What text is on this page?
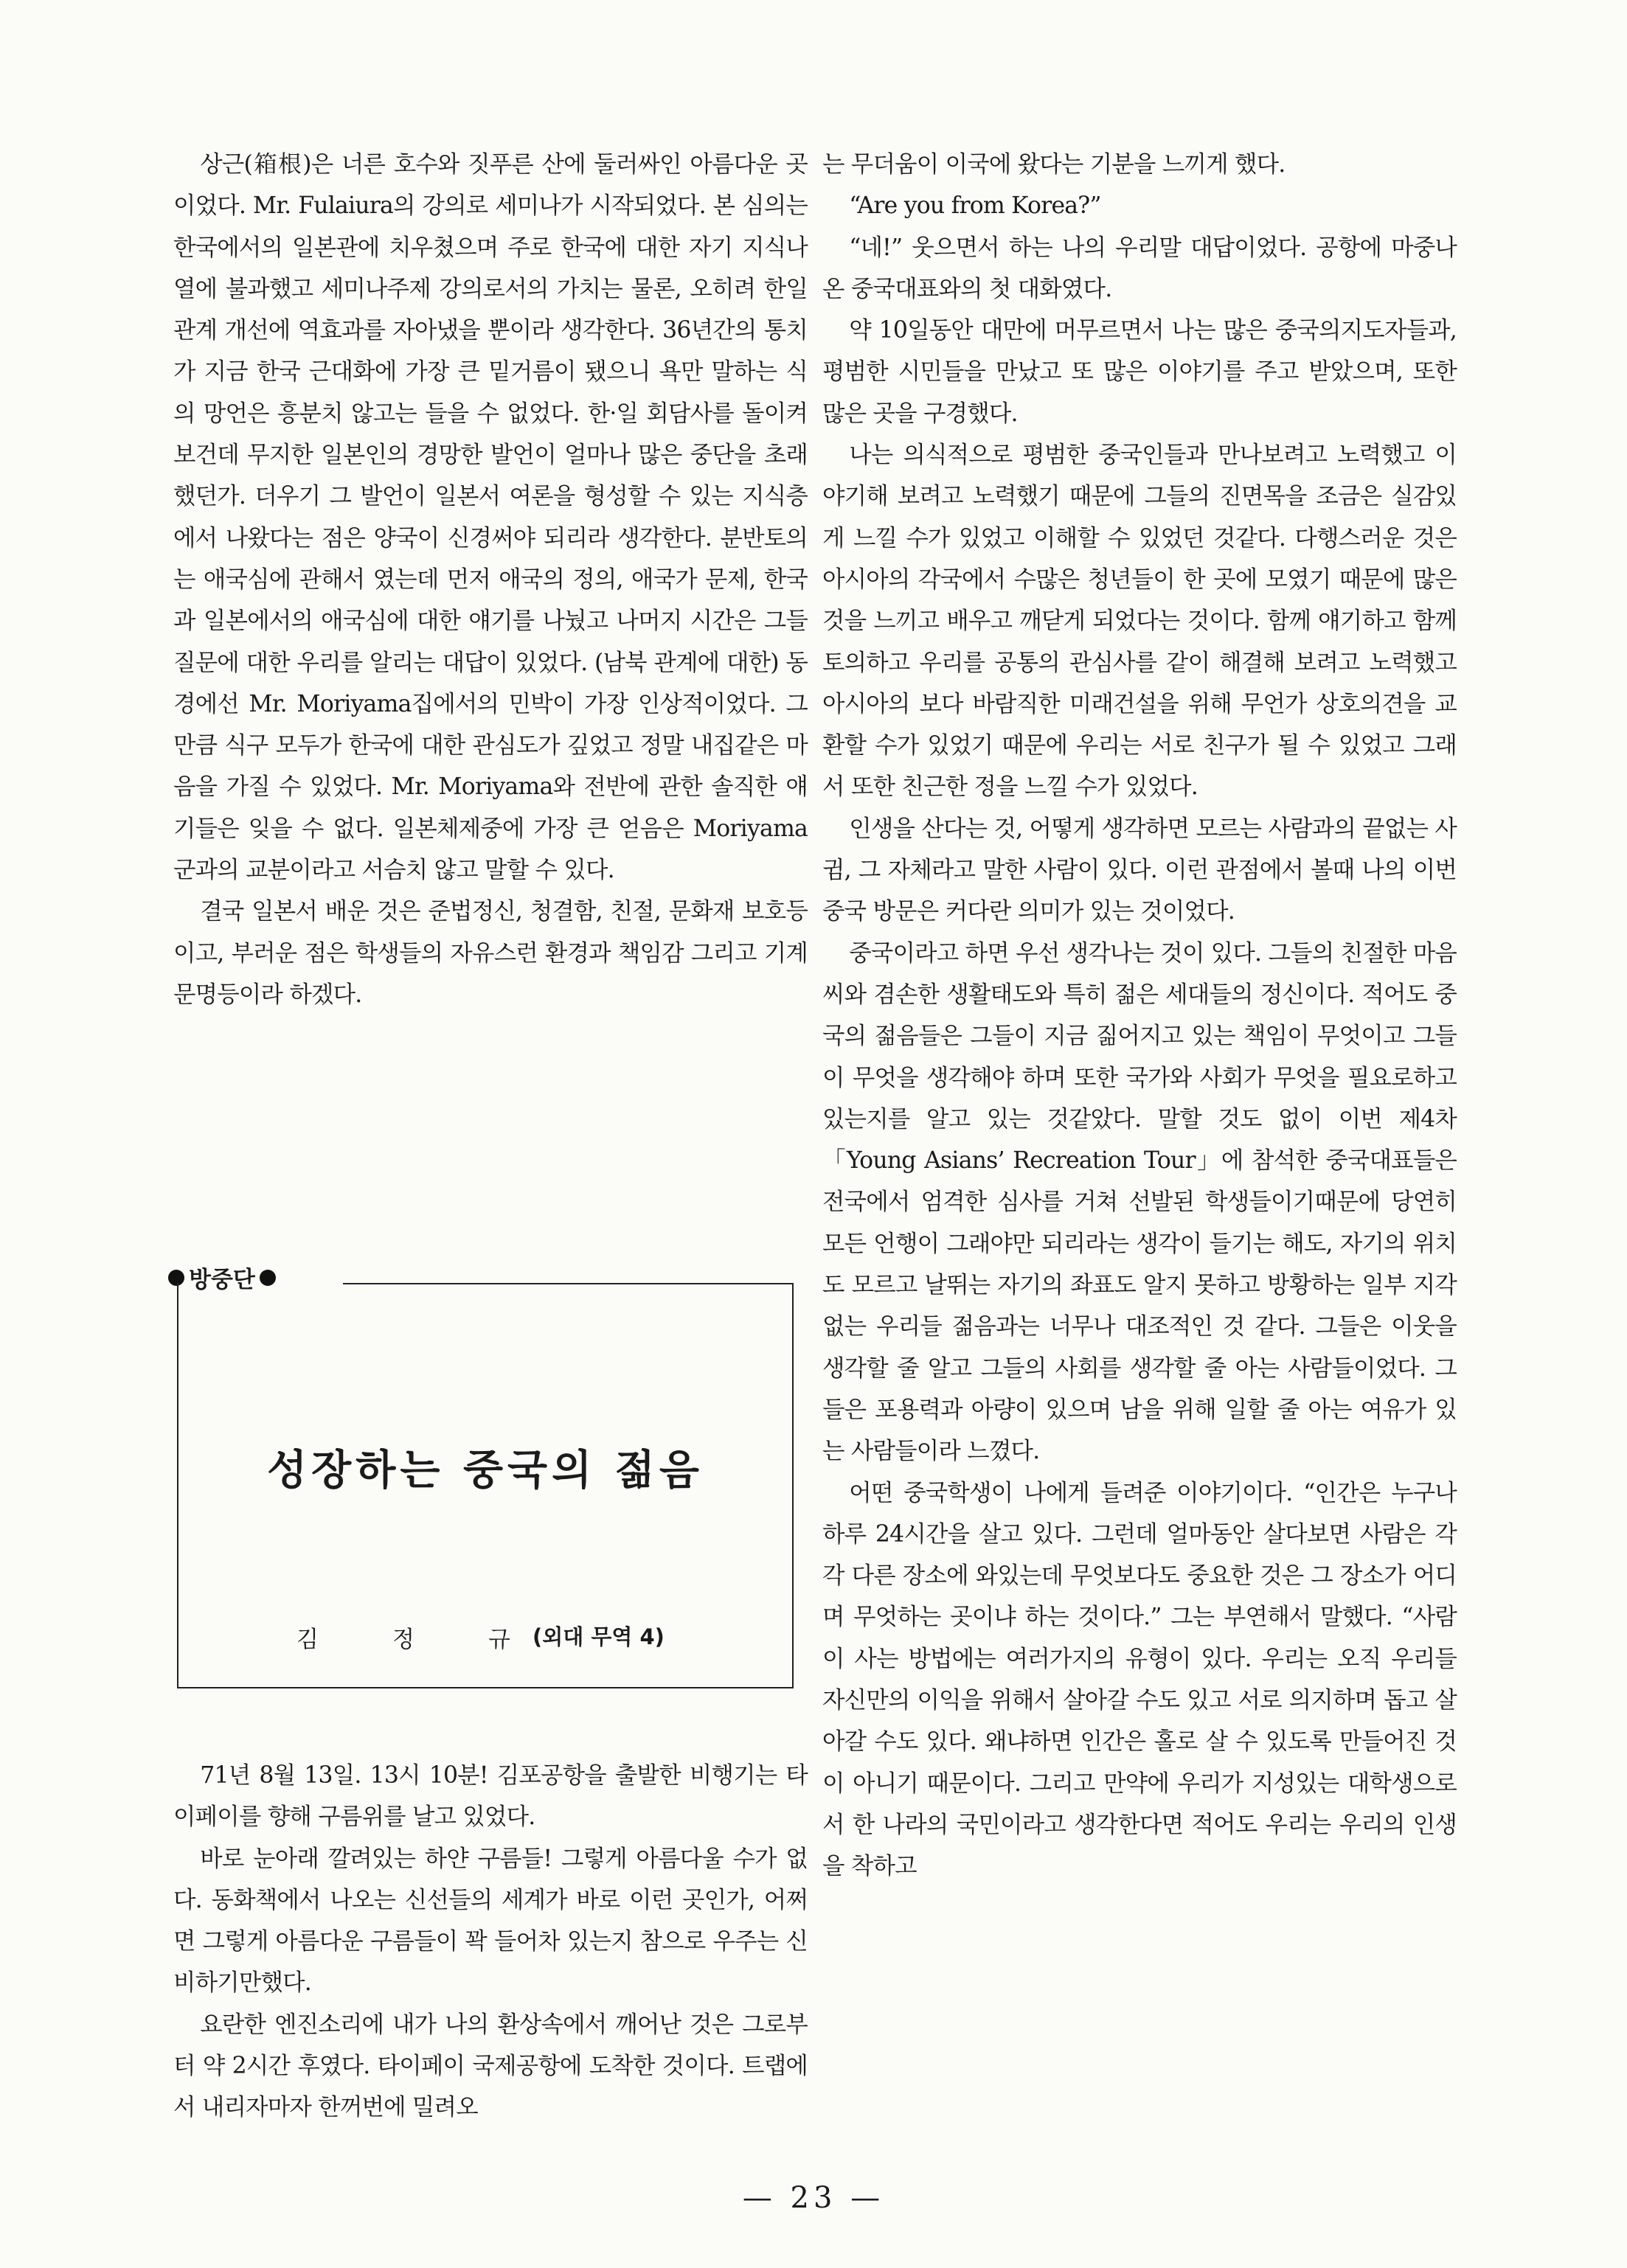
상근(箱根)은 너른 호수와 짓푸른 산에 둘러싸인 아름다운 곳이었다. Mr. Fulaiura의 강의로 세미나가 시작되었다. 본 심의는 한국에서의 일본관에 치우쳤으며 주로 한국에 대한 자기 지식나열에 불과했고 세미나주제 강의로서의 가치는 물론, 오히려 한일관계 개선에 역효과를 자아냈을 뿐이라 생각한다. 36년간의 통치가 지금 한국 근대화에 가장 큰 밑거름이 됐으니 욕만 말하는 식의 망언은 흥분치 않고는 들을 수 없었다. 한·일 회담사를 돌이켜 보건데 무지한 일본인의 경망한 발언이 얼마나 많은 중단을 초래했던가. 더우기 그 발언이 일본서 여론을 형성할 수 있는 지식층에서 나왔다는 점은 양국이 신경써야 되리라 생각한다. 분반토의는 애국심에 관해서 였는데 먼저 애국의 정의, 애국가 문제, 한국과 일본에서의 애국심에 대한 얘기를 나눴고 나머지 시간은 그들 질문에 대한 우리를 알리는 대답이 있었다. (남북 관계에 대한) 동경에선 Mr. Moriyama집에서의 민박이 가장 인상적이었다. 그만큼 식구 모두가 한국에 대한 관심도가 깊었고 정말 내집같은 마음을 가질 수 있었다. Mr. Moriyama와 전반에 관한 솔직한 얘기들은 잊을 수 없다. 일본체제중에 가장 큰 얻음은 Moriyama군과의 교분이라고 서슴치 않고 말할 수 있다.

결국 일본서 배운 것은 준법정신, 청결함, 친절, 문화재 보호등이고, 부러운 점은 학생들의 자유스런 환경과 책임감 그리고 기계문명등이라 하겠다.

방중단
성장하는 중국의 젊음
김	정	규 (외대 무역 4)

71년 8월 13일. 13시 10분! 김포공항을 출발한 비행기는 타이페이를 향해 구름위를 날고 있었다.

바로 눈아래 깔려있는 하얀 구름들! 그렇게 아름다울 수가 없다. 동화책에서 나오는 신선들의 세계가 바로 이런 곳인가, 어쩌면 그렇게 아름다운 구름들이 꽉 들어차 있는지 참으로 우주는 신비하기만했다.

요란한 엔진소리에 내가 나의 환상속에서 깨어난 것은 그로부터 약 2시간 후였다. 타이페이 국제공항에 도착한 것이다. 트랩에서 내리자마자 한꺼번에 밀려오

는 무더움이 이국에 왔다는 기분을 느끼게 했다.

“Are you from Korea?”

“네!” 웃으면서 하는 나의 우리말 대답이었다. 공항에 마중나온 중국대표와의 첫 대화였다.

약 10일동안 대만에 머무르면서 나는 많은 중국의지도자들과, 평범한 시민들을 만났고 또 많은 이야기를 주고 받았으며, 또한 많은 곳을 구경했다.

나는 의식적으로 평범한 중국인들과 만나보려고 노력했고 이야기해 보려고 노력했기 때문에 그들의 진면목을 조금은 실감있게 느낄 수가 있었고 이해할 수 있었던 것같다. 다행스러운 것은 아시아의 각국에서 수많은 청년들이 한 곳에 모였기 때문에 많은 것을 느끼고 배우고 깨닫게 되었다는 것이다. 함께 얘기하고 함께 토의하고 우리를 공통의 관심사를 같이 해결해 보려고 노력했고 아시아의 보다 바람직한 미래건설을 위해 무언가 상호의견을 교환할 수가 있었기 때문에 우리는 서로 친구가 될 수 있었고 그래서 또한 친근한 정을 느낄 수가 있었다.

인생을 산다는 것, 어떻게 생각하면 모르는 사람과의 끝없는 사귐, 그 자체라고 말한 사람이 있다. 이런 관점에서 볼때 나의 이번 중국 방문은 커다란 의미가 있는 것이었다.

중국이라고 하면 우선 생각나는 것이 있다. 그들의 친절한 마음씨와 겸손한 생활태도와 특히 젊은 세대들의 정신이다. 적어도 중국의 젊음들은 그들이 지금 짊어지고 있는 책임이 무엇이고 그들이 무엇을 생각해야 하며 또한 국가와 사회가 무엇을 필요로하고 있는지를 알고 있는 것같았다. 말할 것도 없이 이번 제4차 「Young Asians’ Recreation Tour」에 참석한 중국대표들은 전국에서 엄격한 심사를 거쳐 선발된 학생들이기때문에 당연히 모든 언행이 그래야만 되리라는 생각이 들기는 해도, 자기의 위치도 모르고 날뛰는 자기의 좌표도 알지 못하고 방황하는 일부 지각없는 우리들 젊음과는 너무나 대조적인 것 같다. 그들은 이웃을 생각할 줄 알고 그들의 사회를 생각할 줄 아는 사람들이었다. 그들은 포용력과 아량이 있으며 남을 위해 일할 줄 아는 여유가 있는 사람들이라 느꼈다.

어떤 중국학생이 나에게 들려준 이야기이다. “인간은 누구나 하루 24시간을 살고 있다. 그런데 얼마동안 살다보면 사람은 각각 다른 장소에 와있는데 무엇보다도 중요한 것은 그 장소가 어디며 무엇하는 곳이냐 하는 것이다.” 그는 부연해서 말했다. “사람이 사는 방법에는 여러가지의 유형이 있다. 우리는 오직 우리들 자신만의 이익을 위해서 살아갈 수도 있고 서로 의지하며 돕고 살아갈 수도 있다. 왜냐하면 인간은 홀로 살 수 있도록 만들어진 것이 아니기 때문이다. 그리고 만약에 우리가 지성있는 대학생으로서 한 나라의 국민이라고 생각한다면 적어도 우리는 우리의 인생을 착하고

— 23 —
